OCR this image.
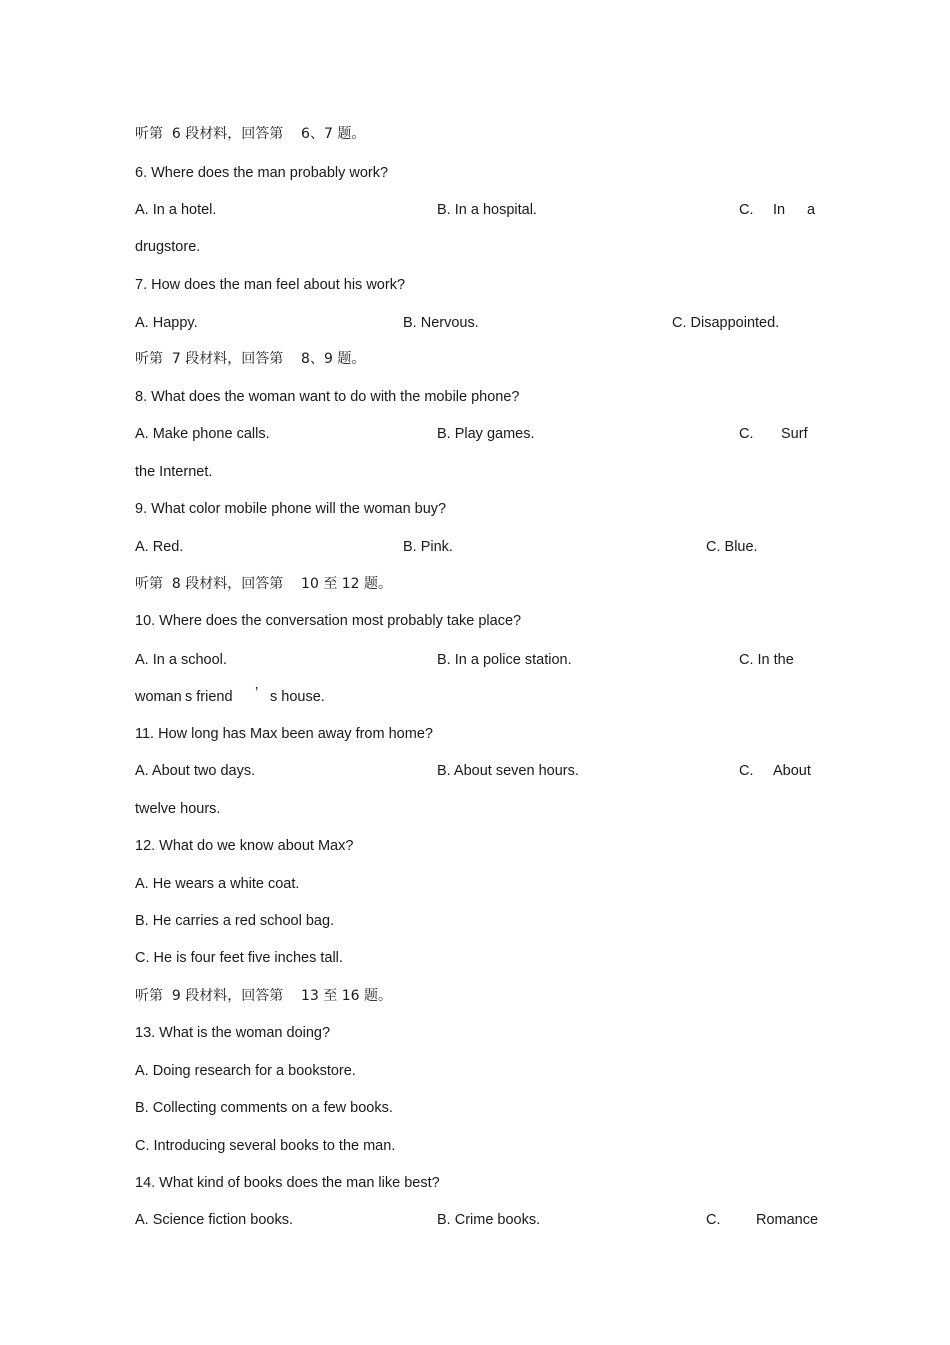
听第  6 段材料，回答第    6、7 题。
6. Where does the man probably work?
A. In a hotel.	B. In a hospital.	C. In a
drugstore.
7. How does the man feel about his work?
A. Happy.	B. Nervous.	C. Disappointed.
听第  7 段材料，回答第    8、9 题。
8. What does the woman want to do with the mobile phone?
A. Make phone calls.	B. Play games.	C. Surf
the Internet.
9. What color mobile phone will the woman buy?
A. Red.	B. Pink.	C. Blue.
听第  8 段材料，回答第    10 至 12 题。
10. Where does the conversation most probably take place?
A. In a school.	B. In a police station.	C. In the
woman s friend ’ s house.
11. How long has Max been away from home?
A. About two days.	B. About seven hours.	C. About
twelve hours.
12. What do we know about Max?
A. He wears a white coat.
B. He carries a red school bag.
C. He is four feet five inches tall.
听第  9 段材料，回答第    13 至 16 题。
13. What is the woman doing?
A. Doing research for a bookstore.
B. Collecting comments on a few books.
C. Introducing several books to the man.
14. What kind of books does the man like best?
A. Science fiction books.	B. Crime books.	C. Romance
